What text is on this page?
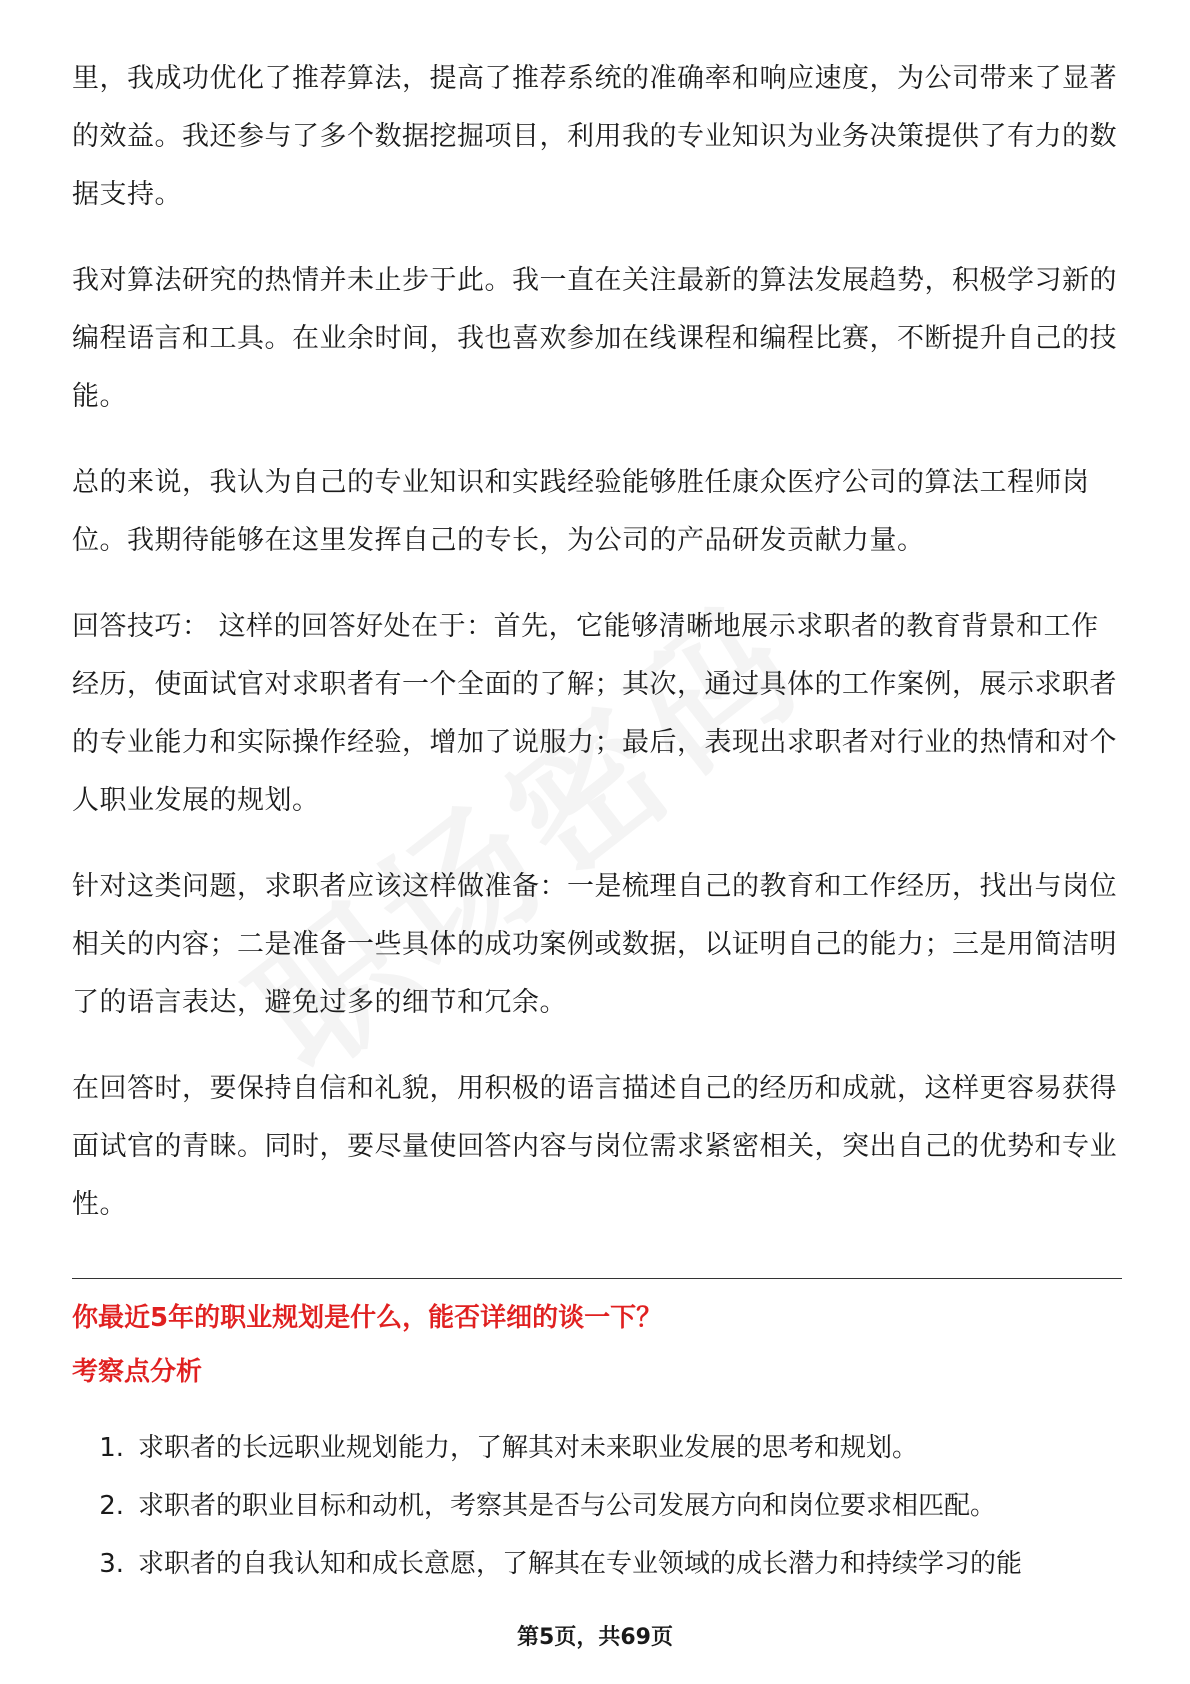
里，我成功优化了推荐算法，提高了推荐系统的准确率和响应速度，为公司带来了显著的效益。我还参与了多个数据挖掘项目，利用我的专业知识为业务决策提供了有力的数据支持。

我对算法研究的热情并未止步于此。我一直在关注最新的算法发展趋势，积极学习新的编程语言和工具。在业余时间，我也喜欢参加在线课程和编程比赛，不断提升自己的技能。

总的来说，我认为自己的专业知识和实践经验能够胜任康众医疗公司的算法工程师岗位。我期待能够在这里发挥自己的专长，为公司的产品研发贡献力量。

回答技巧： 这样的回答好处在于：首先，它能够清晰地展示求职者的教育背景和工作经历，使面试官对求职者有一个全面的了解；其次，通过具体的工作案例，展示求职者的专业能力和实际操作经验，增加了说服力；最后，表现出求职者对行业的热情和对个人职业发展的规划。

针对这类问题，求职者应该这样做准备：一是梳理自己的教育和工作经历，找出与岗位相关的内容；二是准备一些具体的成功案例或数据，以证明自己的能力；三是用简洁明了的语言表达，避免过多的细节和冗余。

在回答时，要保持自信和礼貌，用积极的语言描述自己的经历和成就，这样更容易获得面试官的青睐。同时，要尽量使回答内容与岗位需求紧密相关，突出自己的优势和专业性。

你最近5年的职业规划是什么，能否详细的谈一下？

考察点分析

1. 求职者的长远职业规划能力，了解其对未来职业发展的思考和规划。
2. 求职者的职业目标和动机，考察其是否与公司发展方向和岗位要求相匹配。
3. 求职者的自我认知和成长意愿，了解其在专业领域的成长潜力和持续学习的能
第5页，共69页
